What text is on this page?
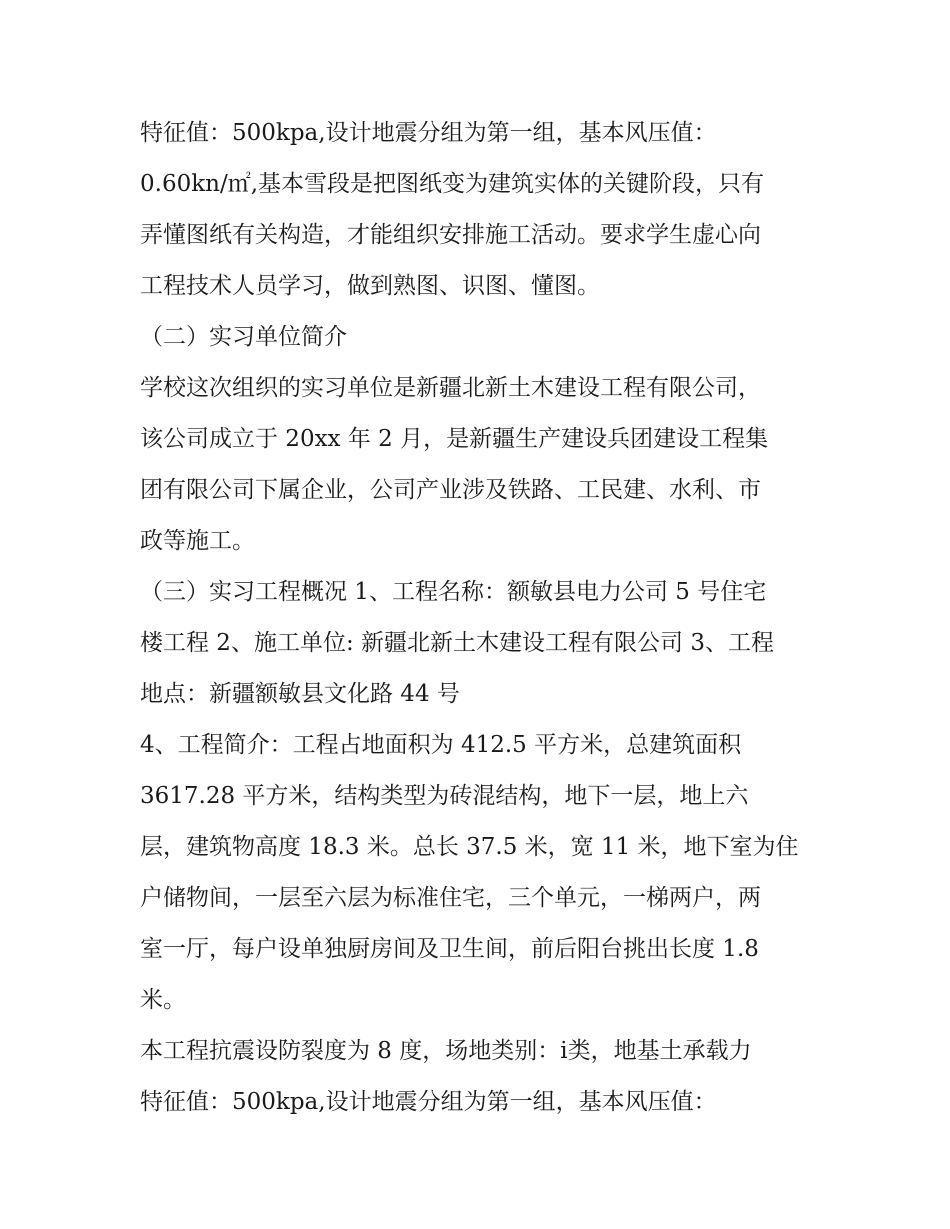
特征值：500kpa,设计地震分组为第一组，基本风压值：
0.60kn/㎡,基本雪段是把图纸变为建筑实体的关键阶段，只有
弄懂图纸有关构造，才能组织安排施工活动。要求学生虚心向
工程技术人员学习，做到熟图、识图、懂图。
（二）实习单位简介
学校这次组织的实习单位是新疆北新土木建设工程有限公司，
该公司成立于 20xx 年 2 月，是新疆生产建设兵团建设工程集
团有限公司下属企业，公司产业涉及铁路、工民建、水利、市
政等施工。
（三）实习工程概况 1、工程名称：额敏县电力公司 5 号住宅
楼工程 2、施工单位: 新疆北新土木建设工程有限公司 3、工程
地点：新疆额敏县文化路 44 号
4、工程简介：工程占地面积为 412.5 平方米，总建筑面积
3617.28 平方米，结构类型为砖混结构，地下一层，地上六
层，建筑物高度 18.3 米。总长 37.5 米，宽 11 米，地下室为住
户储物间，一层至六层为标准住宅，三个单元，一梯两户，两
室一厅，每户设单独厨房间及卫生间，前后阳台挑出长度 1.8
米。
本工程抗震设防裂度为 8 度，场地类别：ⅰ类，地基土承载力
特征值：500kpa,设计地震分组为第一组，基本风压值：
